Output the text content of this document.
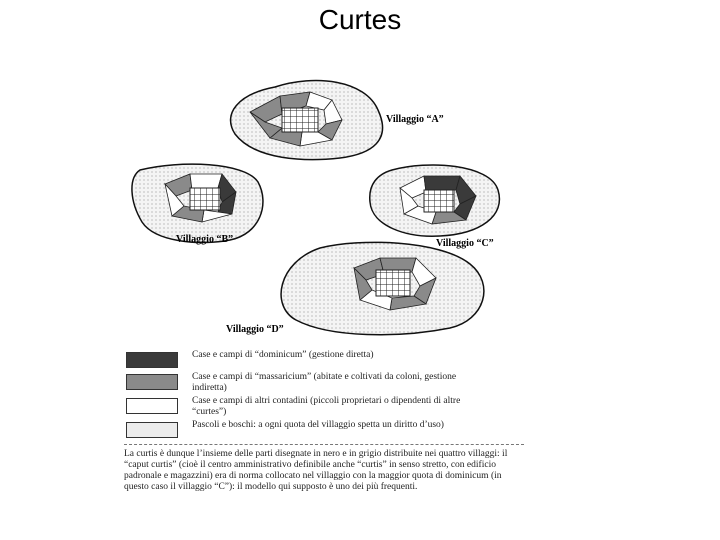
Curtes
Villaggio “A”
Villaggio “B”	Villaggio “C”
Villaggio “D”
Case e campi di “dominicum” (gestione diretta)
Case e campi di “massaricium” (abitate e coltivati da coloni, gestione indiretta)
Case e campi di altri contadini (piccoli proprietari o dipendenti di altre “curtes”)
Pascoli e boschi: a ogni quota del villaggio spetta un diritto d’uso)
La curtis è dunque l’insieme delle parti disegnate in nero e in grigio distribuite nei quattro villaggi: il “caput curtis” (cioè il centro amministrativo definibile anche “curtis” in senso stretto, con edificio padronale e magazzini) era di norma collocato nel villaggio con la maggior quota di dominicum (in questo caso il villaggio “C”): il modello qui supposto è uno dei più frequenti.
